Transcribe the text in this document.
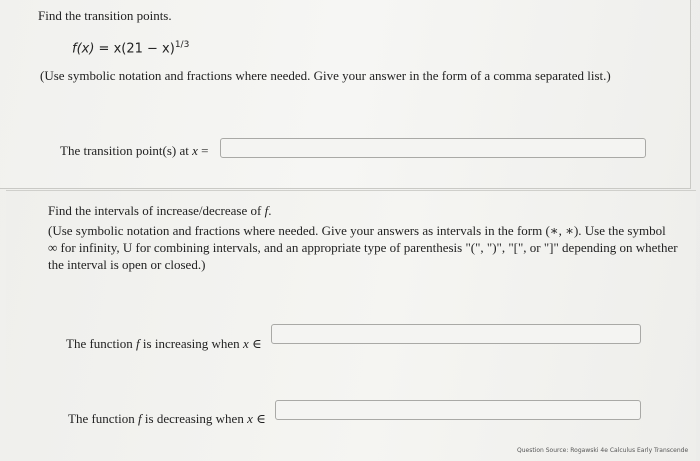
Find the transition points.
$f(x) = x(21 - x)^{1/3}$
(Use symbolic notation and fractions where needed. Give your answer in the form of a comma separated list.)
The transition point(s) at x =
Find the intervals of increase/decrease of f.
(Use symbolic notation and fractions where needed. Give your answers as intervals in the form (∗, ∗). Use the symbol ∞ for infinity, U for combining intervals, and an appropriate type of parenthesis "(", ")", "[", or "]" depending on whether the interval is open or closed.)
The function f is increasing when x ∈
The function f is decreasing when x ∈
Question Source: Rogawski 4e Calculus Early Transcende
